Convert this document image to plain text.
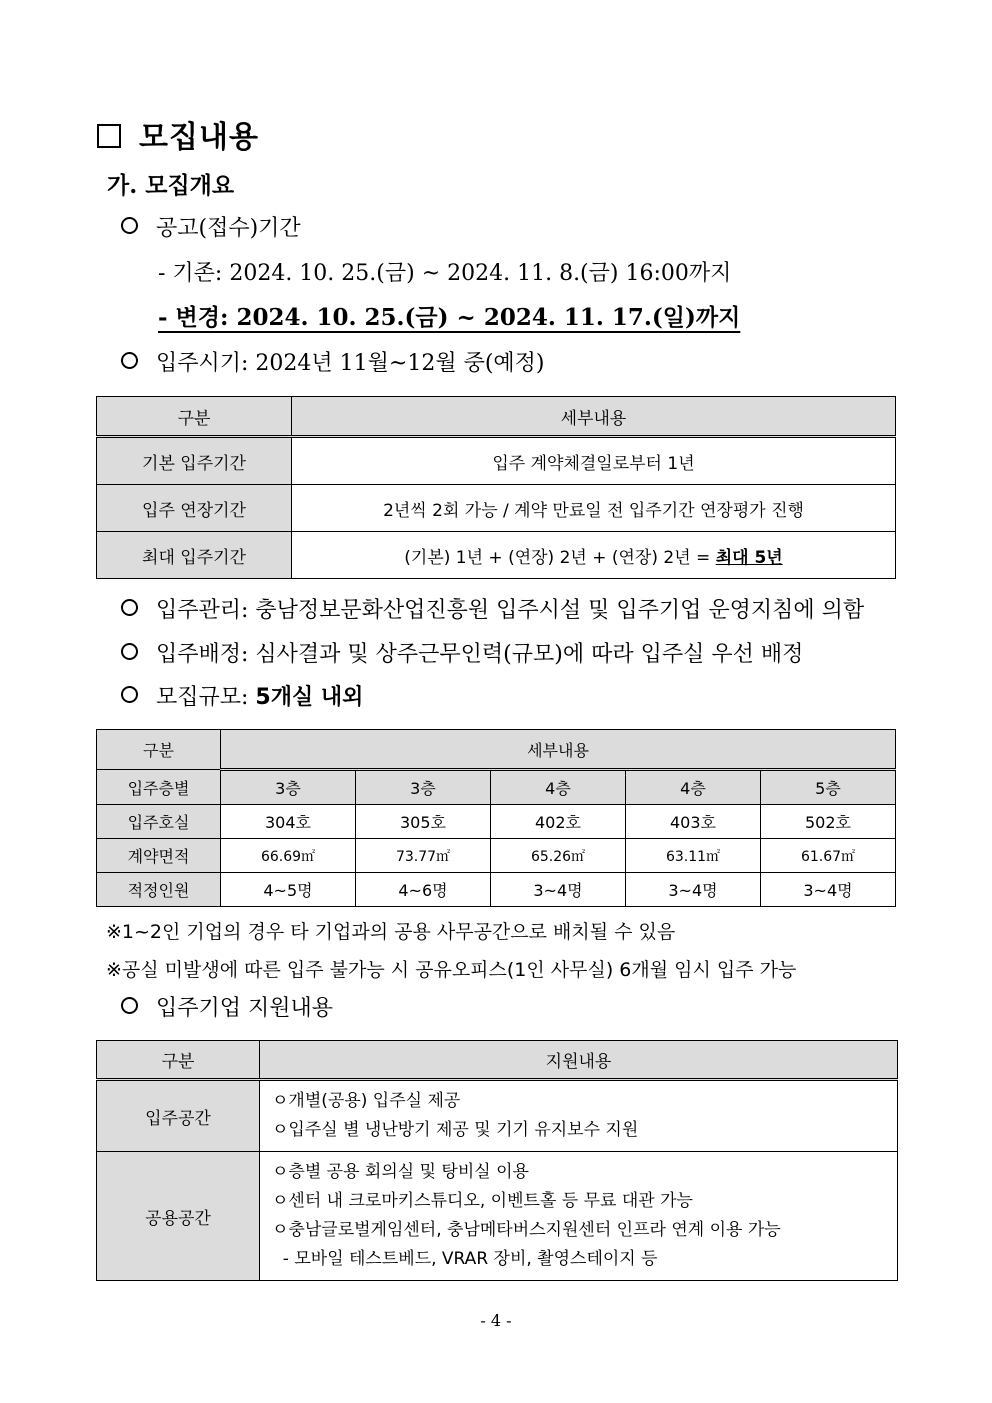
모집내용
가. 모집개요
공고(접수)기간
- 기존: 2024. 10. 25.(금) ~ 2024. 11. 8.(금) 16:00까지
- 변경: 2024. 10. 25.(금) ~ 2024. 11. 17.(일)까지
입주시기: 2024년 11월~12월 중(예정)
구분	세부내용
기본 입주기간	입주 계약체결일로부터 1년
입주 연장기간	2년씩 2회 가능 / 계약 만료일 전 입주기간 연장평가 진행
최대 입주기간	(기본) 1년 + (연장) 2년 + (연장) 2년 = 최대 5년
입주관리: 충남정보문화산업진흥원 입주시설 및 입주기업 운영지침에 의함
입주배정: 심사결과 및 상주근무인력(규모)에 따라 입주실 우선 배정
모집규모: 5개실 내외
구분	세부내용				
입주층별	3층	3층	4층	4층	5층
입주호실	304호	305호	402호	403호	502호
계약면적	66.69㎡	73.77㎡	65.26㎡	63.11㎡	61.67㎡
적정인원	4~5명	4~6명	3~4명	3~4명	3~4명
※1~2인 기업의 경우 타 기업과의 공용 사무공간으로 배치될 수 있음
※공실 미발생에 따른 입주 불가능 시 공유오피스(1인 사무실) 6개월 임시 입주 가능
입주기업 지원내용
구분	지원내용
입주공간	ㅇ개별(공용) 입주실 제공
ㅇ입주실 별 냉난방기 제공 및 기기 유지보수 지원

공용공간	ㅇ층별 공용 회의실 및 탕비실 이용
ㅇ센터 내 크로마키스튜디오, 이벤트홀 등 무료 대관 가능
ㅇ충남글로벌게임센터, 충남메타버스지원센터 인프라 연계 이용 가능
- 모바일 테스트베드, VRAR 장비, 촬영스테이지 등
- 4 -
